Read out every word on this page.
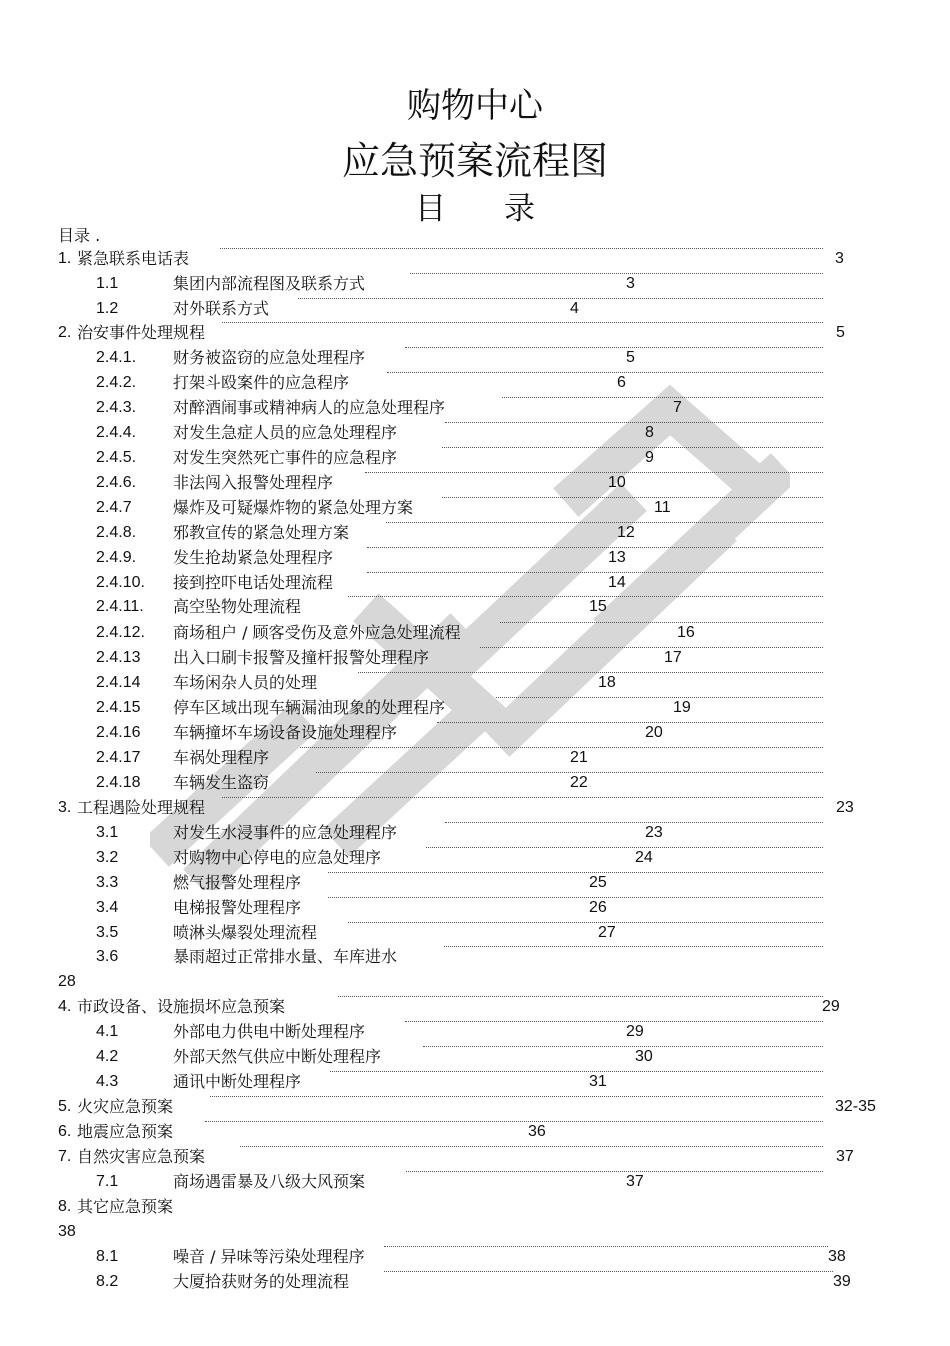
购物中心
应急预案流程图
目录
目录 .
1. 紧急联系电话表	3
1.1	集团内部流程图及联系方式	3
1.2	对外联系方式	4
2. 治安事件处理规程	5
2.4.1. 财务被盗窃的应急处理程序	5
2.4.2. 打架斗殴案件的应急程序	6
2.4.3. 对醉酒闹事或精神病人的应急处理程序	7
2.4.4. 对发生急症人员的应急处理程序	8
2.4.5. 对发生突然死亡事件的应急程序	9
2.4.6. 非法闯入报警处理程序	10
2.4.7	爆炸及可疑爆炸物的紧急处理方案	11
2.4.8. 邪教宣传的紧急处理方案	12
2.4.9. 发生抢劫紧急处理程序	13
2.4.10. 接到控吓电话处理流程	14
2.4.11. 高空坠物处理流程	15
2.4.12. 商场租户 / 顾客受伤及意外应急处理流程	16
2.4.13 出入口刷卡报警及撞杆报警处理程序	17
2.4.14 车场闲杂人员的处理	18
2.4.15 停车区域出现车辆漏油现象的处理程序	19
2.4.16 车辆撞坏车场设备设施处理程序	20
2.4.17 车祸处理程序	21
2.4.18 车辆发生盗窃	22
3. 工程遇险处理规程	23
3.1	对发生水浸事件的应急处理程序	23
3.2	对购物中心停电的应急处理序	24
3.3	燃气报警处理程序	25
3.4	电梯报警处理程序	26
3.5	喷淋头爆裂处理流程	27
3.6	暴雨超过正常排水量、车库进水
28
4. 市政设备、设施损坏应急预案	29
4.1	外部电力供电中断处理程序	29
4.2	外部天然气供应中断处理程序	30
4.3	通讯中断处理程序	31
5. 火灾应急预案	32-35
6. 地震应急预案	36
7. 自然灾害应急预案	37
7.1	商场遇雷暴及八级大风预案	37
8. 其它应急预案
38
8.1	噪音 / 异味等污染处理程序	38
8.2	大厦拾获财务的处理流程	39
